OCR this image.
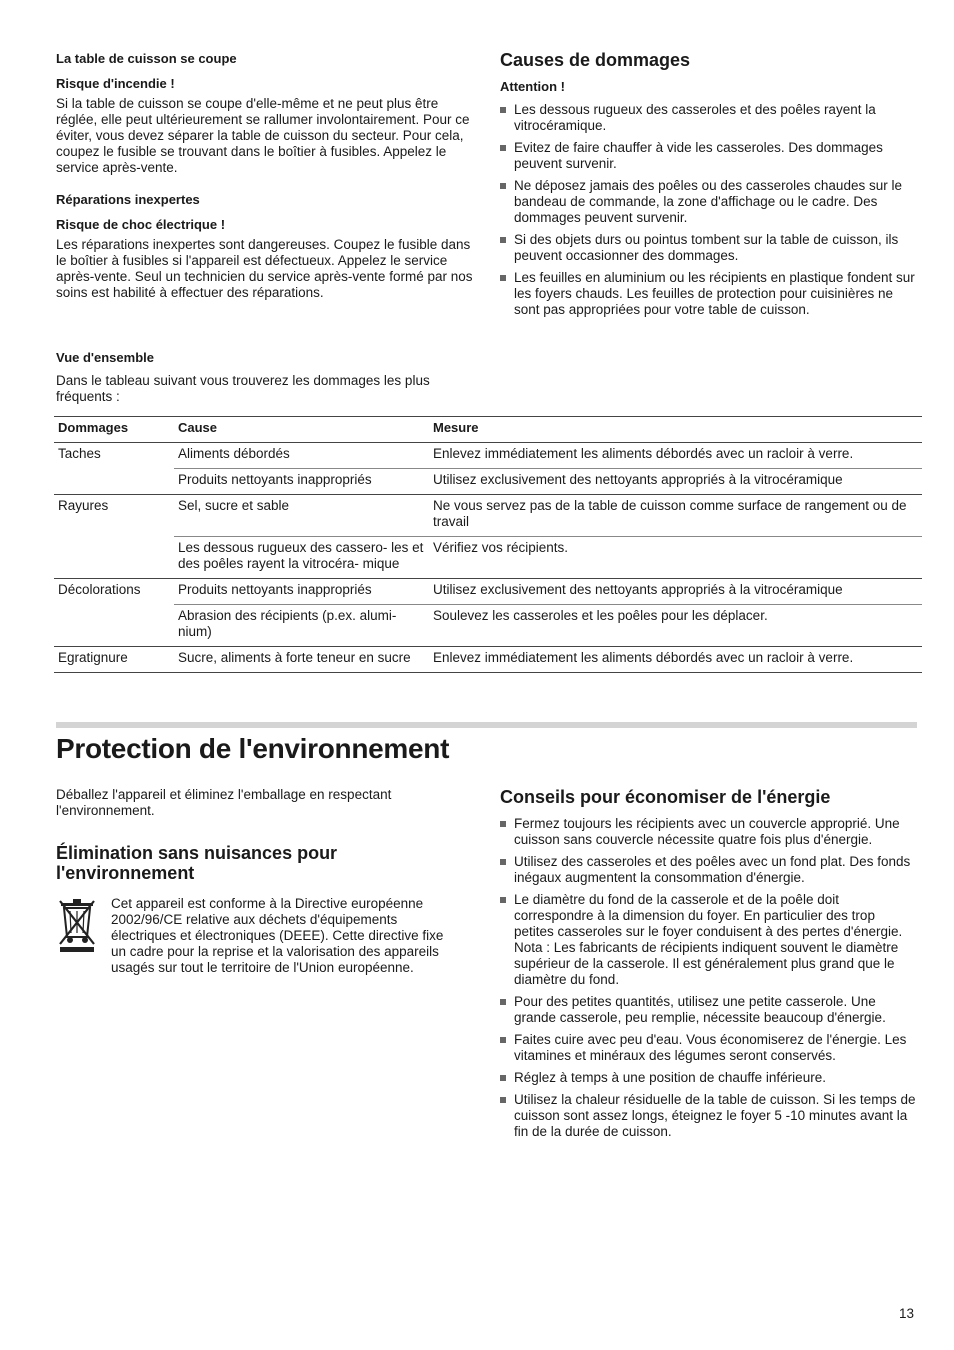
La table de cuisson se coupe
Risque d'incendie !
Si la table de cuisson se coupe d'elle-même et ne peut plus être réglée, elle peut ultérieurement se rallumer involontairement. Pour ce éviter, vous devez séparer la table de cuisson du secteur. Pour cela, coupez le fusible se trouvant dans le boîtier à fusibles. Appelez le service après-vente.
Réparations inexpertes
Risque de choc électrique !
Les réparations inexpertes sont dangereuses. Coupez le fusible dans le boîtier à fusibles si l'appareil est défectueux. Appelez le service après-vente. Seul un technicien du service après-vente formé par nos soins est habilité à effectuer des réparations.
Vue d'ensemble
Dans le tableau suivant vous trouverez les dommages les plus fréquents :
Causes de dommages
Attention !
Les dessous rugueux des casseroles et des poêles rayent la vitrocéramique.
Evitez de faire chauffer à vide les casseroles. Des dommages peuvent survenir.
Ne déposez jamais des poêles ou des casseroles chaudes sur le bandeau de commande, la zone d'affichage ou le cadre. Des dommages peuvent survenir.
Si des objets durs ou pointus tombent sur la table de cuisson, ils peuvent occasionner des dommages.
Les feuilles en aluminium ou les récipients en plastique fondent sur les foyers chauds. Les feuilles de protection pour cuisinières ne sont pas appropriées pour votre table de cuisson.
Dommages	Cause	Mesure
Taches	Aliments débordés	Enlevez immédiatement les aliments débordés avec un racloir à verre.
	Produits nettoyants inappropriés	Utilisez exclusivement des nettoyants appropriés à la vitrocéramique
Rayures	Sel, sucre et sable	Ne vous servez pas de la table de cuisson comme surface de rangement ou de travail
	Les dessous rugueux des cassero- les et des poêles rayent la vitrocéra- mique	Vérifiez vos récipients.
Décolorations	Produits nettoyants inappropriés	Utilisez exclusivement des nettoyants appropriés à la vitrocéramique
	Abrasion des récipients (p.ex. alumi- nium)	Soulevez les casseroles et les poêles pour les déplacer.
Egratignure	Sucre, aliments à forte teneur en sucre	Enlevez immédiatement les aliments débordés avec un racloir à verre.
Protection de l'environnement
Déballez l'appareil et éliminez l'emballage en respectant l'environnement.
Élimination sans nuisances pour l'environnement
Cet appareil est conforme à la Directive européenne 2002/96/CE relative aux déchets d'équipements électriques et électroniques (DEEE). Cette directive fixe un cadre pour la reprise et la valorisation des appareils usagés sur tout le territoire de l'Union européenne.
Conseils pour économiser de l'énergie
Fermez toujours les récipients avec un couvercle approprié. Une cuisson sans couvercle nécessite quatre fois plus d'énergie.
Utilisez des casseroles et des poêles avec un fond plat. Des fonds inégaux augmentent la consommation d'énergie.
Le diamètre du fond de la casserole et de la poêle doit correspondre à la dimension du foyer. En particulier des trop petites casseroles sur le foyer conduisent à des pertes d'énergie. Nota : Les fabricants de récipients indiquent souvent le diamètre supérieur de la casserole. Il est généralement plus grand que le diamètre du fond.
Pour des petites quantités, utilisez une petite casserole. Une grande casserole, peu remplie, nécessite beaucoup d'énergie.
Faites cuire avec peu d'eau. Vous économiserez de l'énergie. Les vitamines et minéraux des légumes seront conservés.
Réglez à temps à une position de chauffe inférieure.
Utilisez la chaleur résiduelle de la table de cuisson. Si les temps de cuisson sont assez longs, éteignez le foyer 5 -10 minutes avant la fin de la durée de cuisson.
13
